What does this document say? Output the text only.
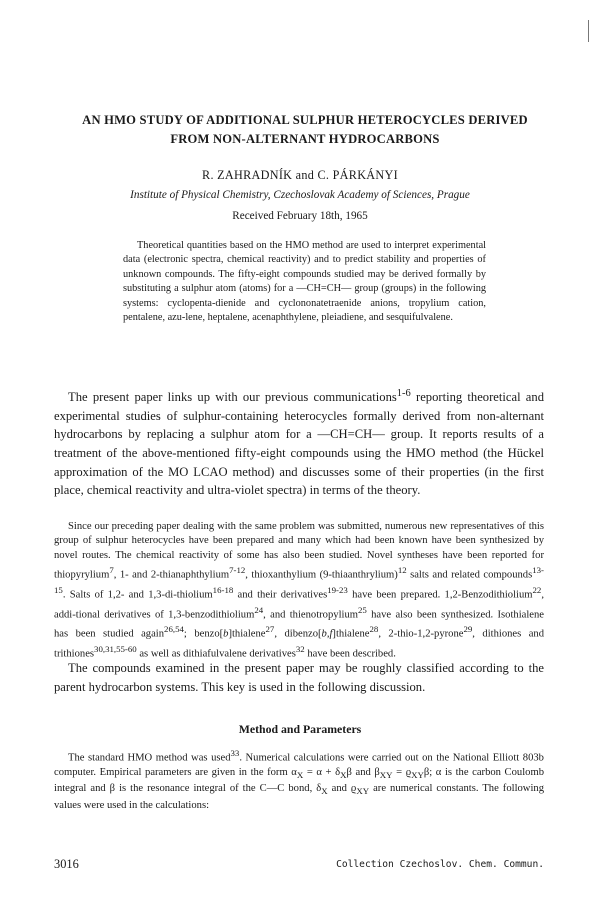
AN HMO STUDY OF ADDITIONAL SULPHUR HETEROCYCLES DERIVED FROM NON-ALTERNANT HYDROCARBONS
R. ZAHRADNÍK and C. PÁRKÁNYI
Institute of Physical Chemistry, Czechoslovak Academy of Sciences, Prague
Received February 18th, 1965
Theoretical quantities based on the HMO method are used to interpret experimental data (electronic spectra, chemical reactivity) and to predict stability and properties of unknown compounds. The fifty-eight compounds studied may be derived formally by substituting a sulphur atom (atoms) for a —CH=CH— group (groups) in the following systems: cyclopenta-dienide and cyclononatetraenide anions, tropylium cation, pentalene, azu-lene, heptalene, acenaphthylene, pleiadiene, and sesquifulvalene.

The present paper links up with our previous communications$^{1-6}$ reporting theoretical and experimental studies of sulphur-containing heterocycles formally derived from non-alternant hydrocarbons by replacing a sulphur atom for a —CH=CH— group. It reports results of a treatment of the above-mentioned fifty-eight compounds using the HMO method (the Hückel approximation of the MO LCAO method) and discusses some of their properties (in the first place, chemical reactivity and ultra-violet spectra) in terms of the theory.

Since our preceding paper dealing with the same problem was submitted, numerous new representatives of this group of sulphur heterocycles have been prepared and many which had been known have been synthesized by novel routes. The chemical reactivity of some has also been studied. Novel syntheses have been reported for thiopyrylium$^7$, 1- and 2-thianaphthylium$^{7-12}$, thioxanthylium (9-thiaanthrylium)$^{12}$ salts and related compounds$^{13-15}$. Salts of 1,2- and 1,3-di-thiolium$^{16-18}$ and their derivatives$^{19-23}$ have been prepared. 1,2-Benzodithiolium$^{22}$, addi-tional derivatives of 1,3-benzodithiolium$^{24}$, and thienotropylium$^{25}$ have also been synthesized. Isothialene has been studied again$^{26,54}$; benzo[b]thialene$^{27}$, dibenzo[b,f]thialene$^{28}$, 2-thio-1,2-pyrone$^{29}$, dithiones and trithiones$^{30,31,55-60}$ as well as dithiafulvalene derivatives$^{32}$ have been described.

The compounds examined in the present paper may be roughly classified according to the parent hydrocarbon systems. This key is used in the following discussion.

Method and Parameters

The standard HMO method was used$^{33}$. Numerical calculations were carried out on the National Elliott 803b computer. Empirical parameters are given in the form $\alpha_X = \alpha + \delta_X\beta$ and $\beta_{XY} = ϱ_{XY}\beta$; α is the carbon Coulomb integral and β is the resonance integral of the C—C bond, $\delta_X$ and $ϱ_{XY}$ are numerical constants. The following values were used in the calculations:

3016	Collection Czechoslov. Chem. Commun.
